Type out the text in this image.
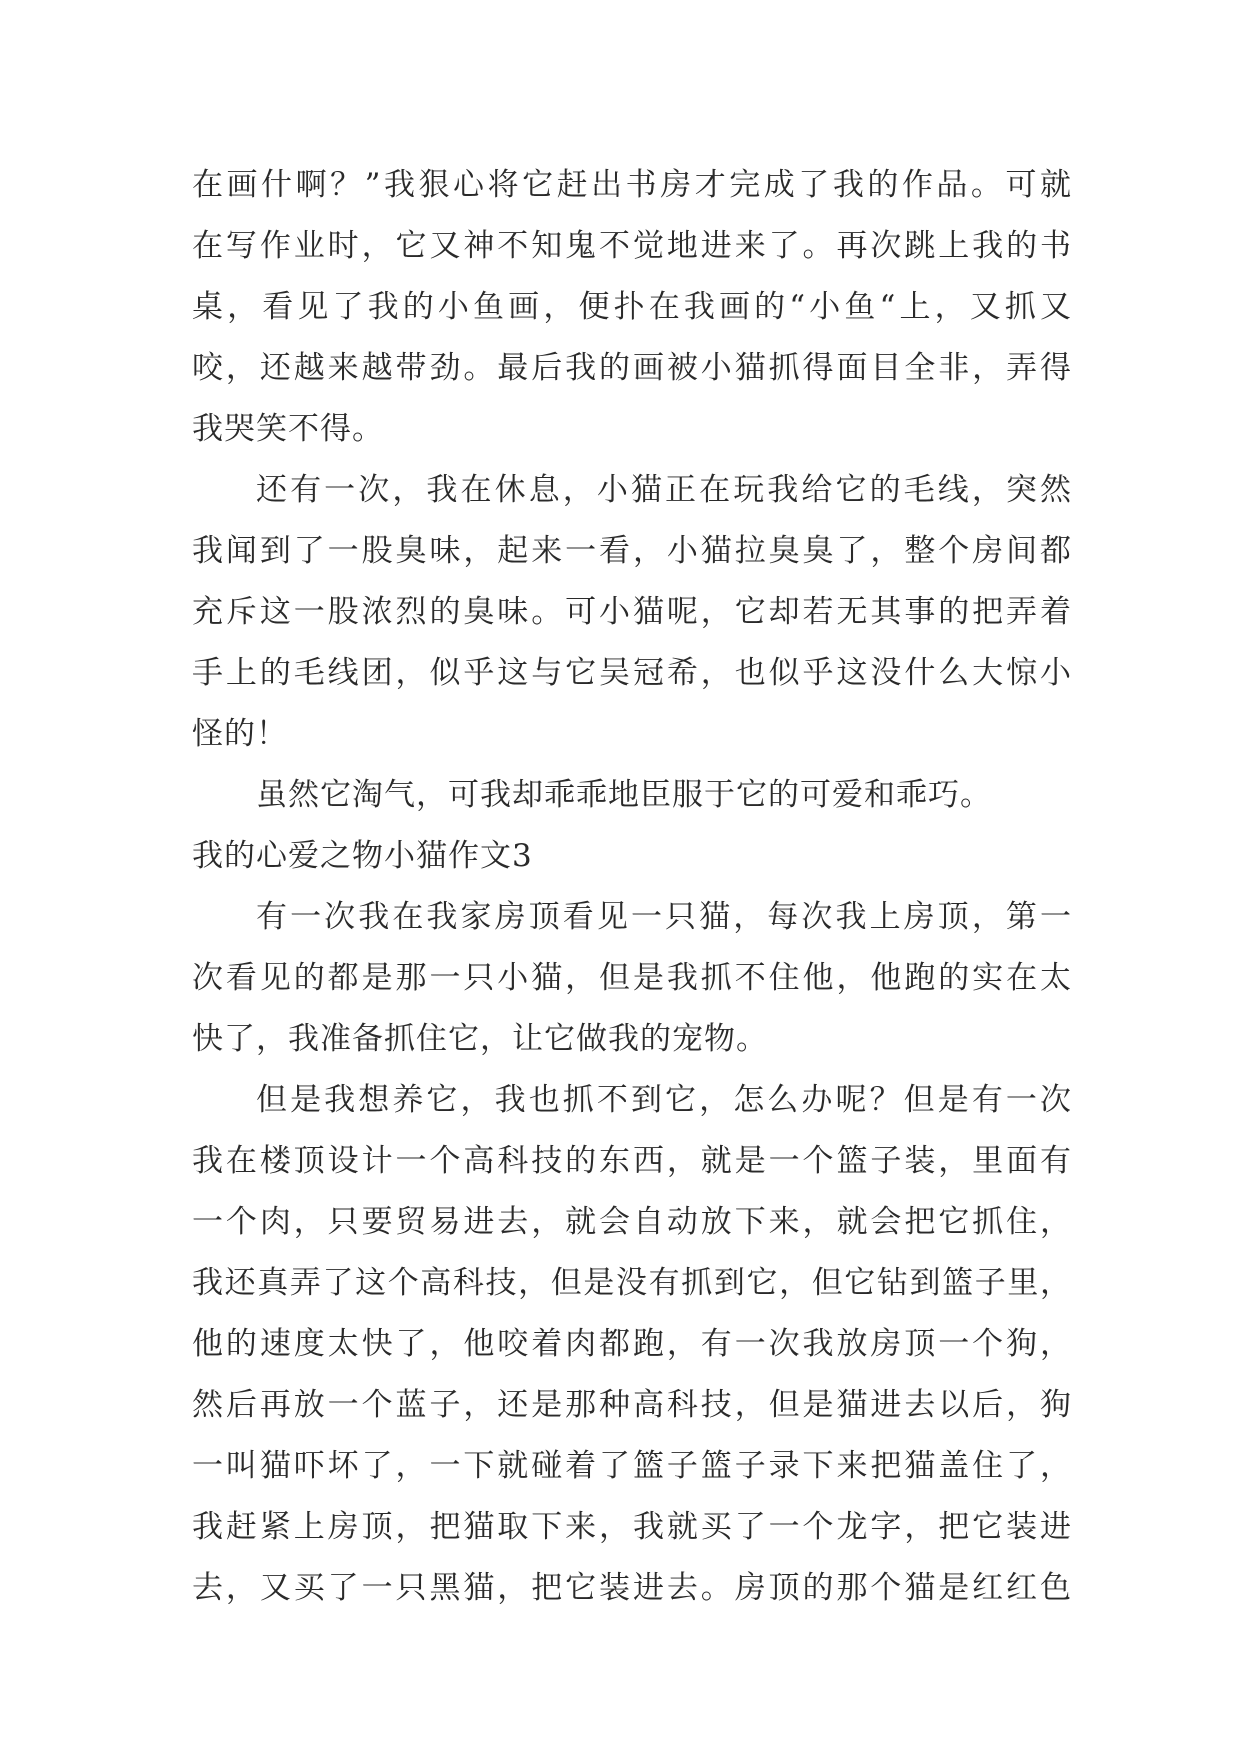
在画什啊？”我狠心将它赶出书房才完成了我的作品。可就
在写作业时，它又神不知鬼不觉地进来了。再次跳上我的书
桌，看见了我的小鱼画，便扑在我画的“小鱼“上，又抓又
咬，还越来越带劲。最后我的画被小猫抓得面目全非，弄得
我哭笑不得。
还有一次，我在休息，小猫正在玩我给它的毛线，突然
我闻到了一股臭味，起来一看，小猫拉臭臭了，整个房间都
充斥这一股浓烈的臭味。可小猫呢，它却若无其事的把弄着
手上的毛线团，似乎这与它吴冠希，也似乎这没什么大惊小
怪的！
虽然它淘气，可我却乖乖地臣服于它的可爱和乖巧。
我的心爱之物小猫作文3
有一次我在我家房顶看见一只猫，每次我上房顶，第一
次看见的都是那一只小猫，但是我抓不住他，他跑的实在太
快了，我准备抓住它，让它做我的宠物。
但是我想养它，我也抓不到它，怎么办呢？但是有一次
我在楼顶设计一个高科技的东西，就是一个篮子装，里面有
一个肉，只要贸易进去，就会自动放下来，就会把它抓住，
我还真弄了这个高科技，但是没有抓到它，但它钻到篮子里，
他的速度太快了，他咬着肉都跑，有一次我放房顶一个狗，
然后再放一个蓝子，还是那种高科技，但是猫进去以后，狗
一叫猫吓坏了，一下就碰着了篮子篮子录下来把猫盖住了，
我赶紧上房顶，把猫取下来，我就买了一个龙字，把它装进
去，又买了一只黑猫，把它装进去。房顶的那个猫是红红色
